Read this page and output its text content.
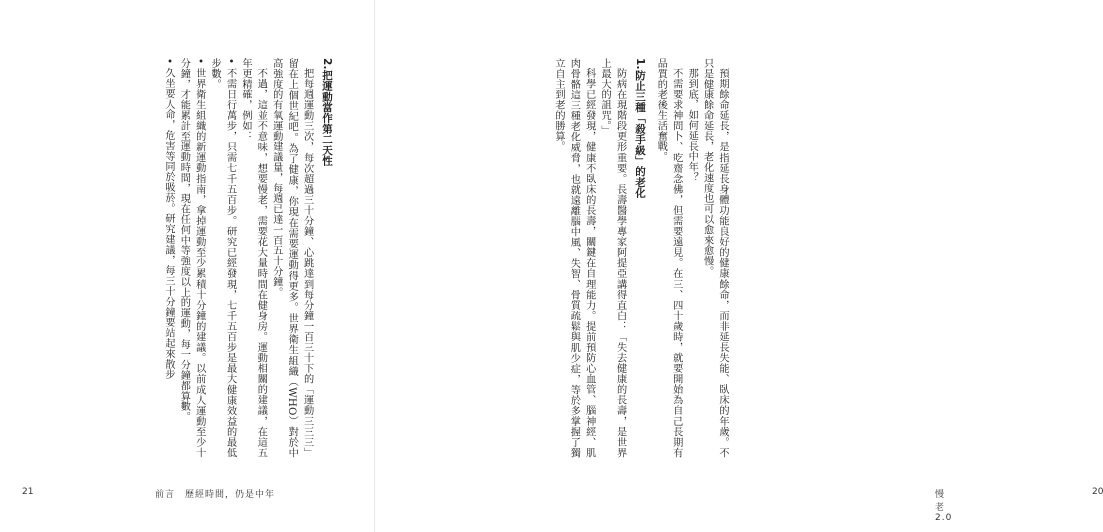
2.把運動當作第二天性

把每週運動三次，每次超過三十分鐘、心跳達到每分鐘一百三十下的「運動三三三」留在上個世紀吧。為了健康，你現在需要運動得更多。世界衛生組織（WHO）對於中高強度的有氧運動建議量，每週已達一百五十分鐘。

不過，這並不意味，想要慢老，需要花大量時間在健身房。運動相關的建議，在這五年更精確，例如：

• 不需日行萬步，只需七千五百步。研究已經發現，七千五百步是最大健康效益的最低步數。

• 世界衛生組織的新運動指南，拿掉運動至少累積十分鐘的建議。以前成人運動至少十分鐘，才能累計至運動時間，現在任何中等強度以上的運動，每一分鐘都算數。

• 久坐要人命，危害等同於吸菸。研究建議，每三十分鐘要站起來散步

21	前言　歷經時間，仍是中年

預期餘命延長，是指延長身體功能良好的健康餘命，而非延長失能、臥床的年歲。不只是健康餘命延長，老化速度也可以愈來愈慢。

那到底，如何延長中年？

不需要求神問卜、吃齋念佛，但需要遠見。在三、四十歲時，就要開始為自己長期有品質的老後生活奮戰。

1.防止三種「殺手級」的老化

防病在現階段更形重要。長壽醫學專家阿提亞講得直白：「失去健康的長壽，是世界上最大的詛咒。」

科學已經發現，健康不臥床的長壽，關鍵在自理能力。提前預防心血管、腦神經、肌肉骨骼這三種老化威脅，也就遠離腦中風、失智、骨質疏鬆與肌少症，等於多掌握了獨立自主到老的勝算。

慢老 2.0
20
